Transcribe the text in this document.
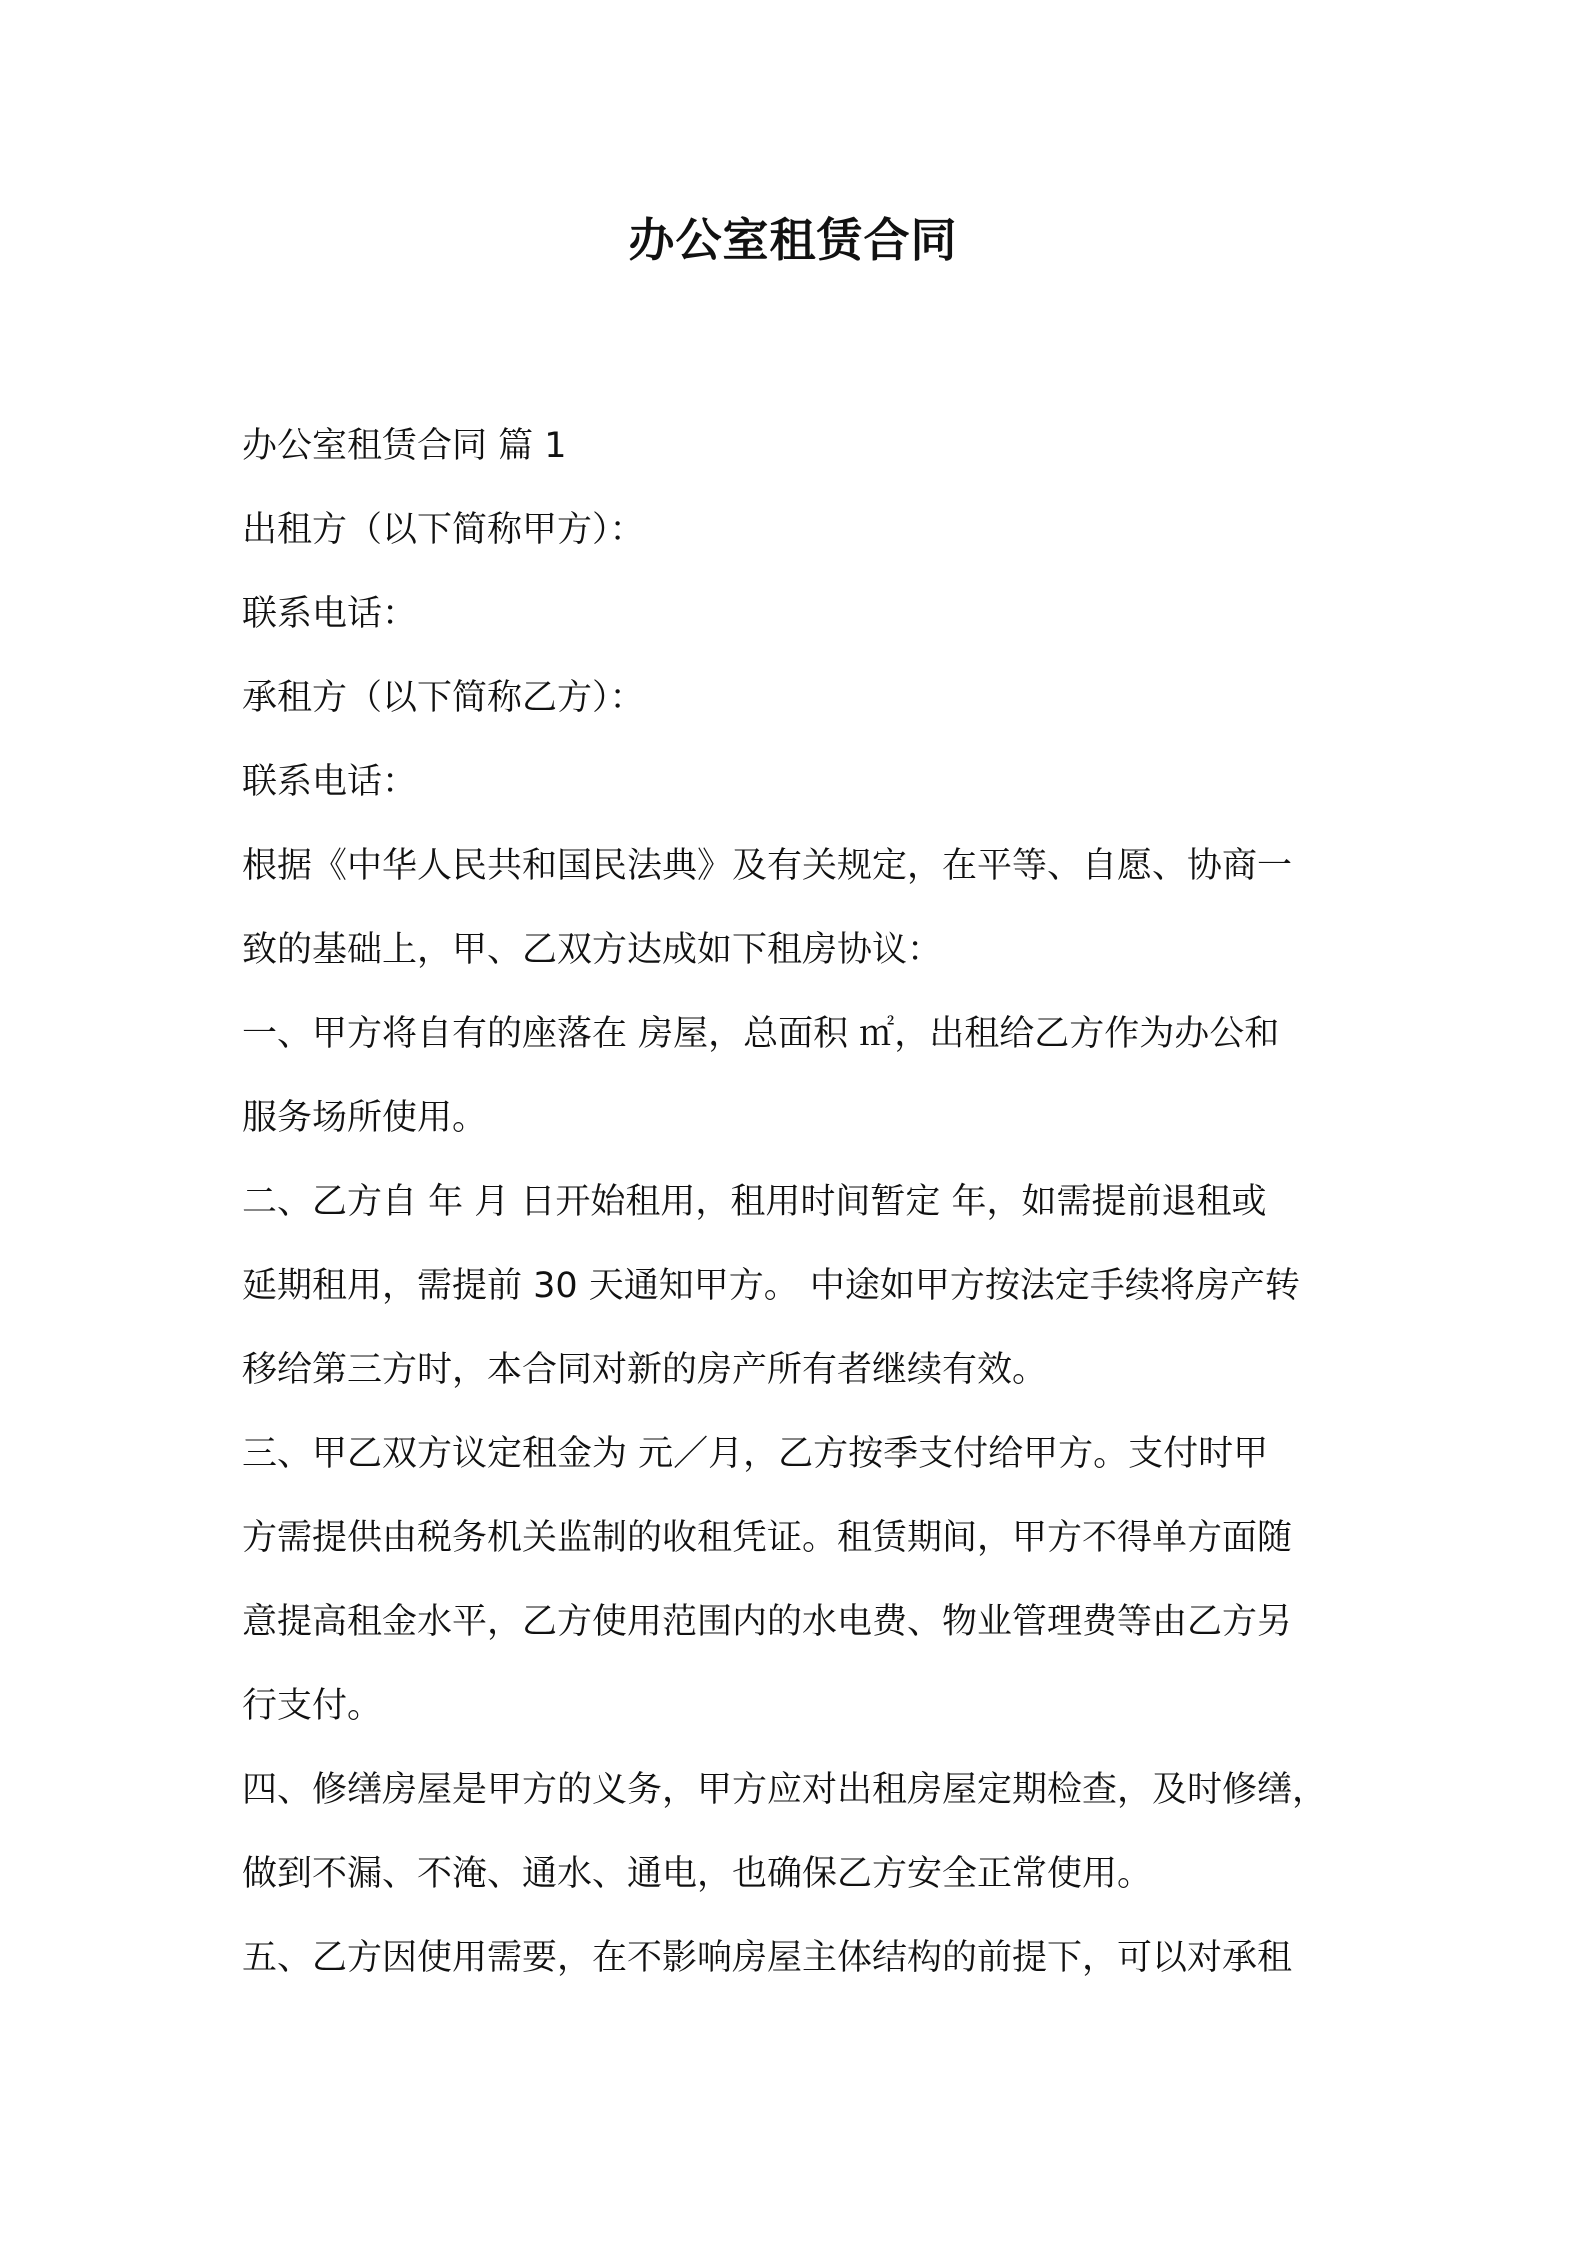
办公室租赁合同
办公室租赁合同 篇 1
出租方（以下简称甲方）：
联系电话：
承租方（以下简称乙方）：
联系电话：
根据《中华人民共和国民法典》及有关规定，在平等、自愿、协商一
致的基础上，甲、乙双方达成如下租房协议：
一、甲方将自有的座落在 房屋，总面积 ㎡，出租给乙方作为办公和
服务场所使用。
二、乙方自 年 月 日开始租用，租用时间暂定 年，如需提前退租或
延期租用，需提前 30 天通知甲方。 中途如甲方按法定手续将房产转
移给第三方时，本合同对新的房产所有者继续有效。
三、甲乙双方议定租金为 元／月，乙方按季支付给甲方。支付时甲
方需提供由税务机关监制的收租凭证。租赁期间，甲方不得单方面随
意提高租金水平，乙方使用范围内的水电费、物业管理费等由乙方另
行支付。
四、修缮房屋是甲方的义务，甲方应对出租房屋定期检查，及时修缮，
做到不漏、不淹、通水、通电，也确保乙方安全正常使用。
五、乙方因使用需要，在不影响房屋主体结构的前提下，可以对承租
